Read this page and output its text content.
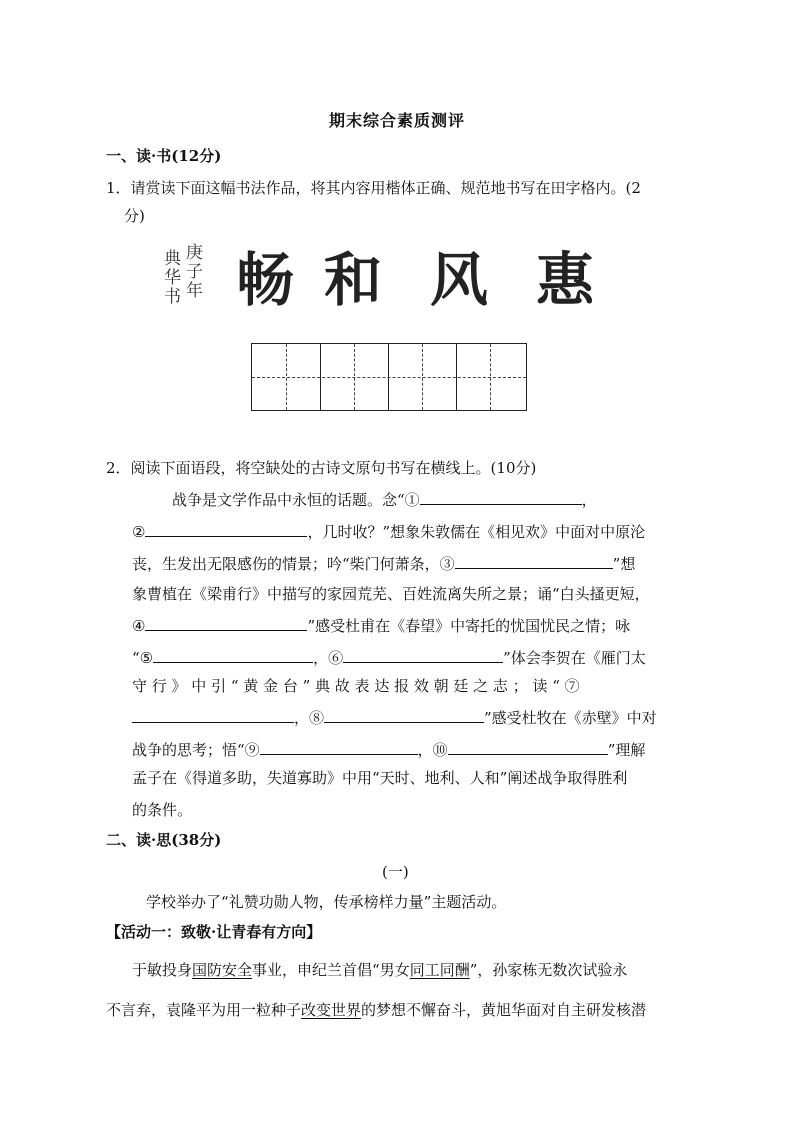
期末综合素质测评
一、读·书(12分)
1．请赏读下面这幅书法作品，将其内容用楷体正确、规范地书写在田字格内。(2
分)
庚子年
典华书 畅 和 风 惠
2．阅读下面语段，将空缺处的古诗文原句书写在横线上。(10分)
战争是文学作品中永恒的话题。念“①	，
②	，几时收？”想象朱敦儒在《相见欢》中面对中原沦
丧，生发出无限感伤的情景；吟“柴门何萧条，③	”想
象曹植在《梁甫行》中描写的家园荒芜、百姓流离失所之景；诵“白头搔更短，
④	”感受杜甫在《春望》中寄托的忧国忧民之情；咏
“⑤	，⑥	”体会李贺在《雁门太
守 行 》 中 引 “ 黄 金 台 ” 典 故 表 达 报 效 朝 廷 之 志 ； 读 “ ⑦
，⑧	”感受杜牧在《赤壁》中对
战争的思考；悟“⑨	，⑩	”理解
孟子在《得道多助，失道寡助》中用“天时、地利、人和”阐述战争取得胜利
的条件。
二、读·思(38分)
(一)
学校举办了“礼赞功勋人物，传承榜样力量”主题活动。
【活动一：致敬·让青春有方向】
于敏投身国防安全事业，申纪兰首倡“男女同工同酬”，孙家栋无数次试验永
不言弃，袁隆平为用一粒种子改变世界的梦想不懈奋斗，黄旭华面对自主研发核潜
